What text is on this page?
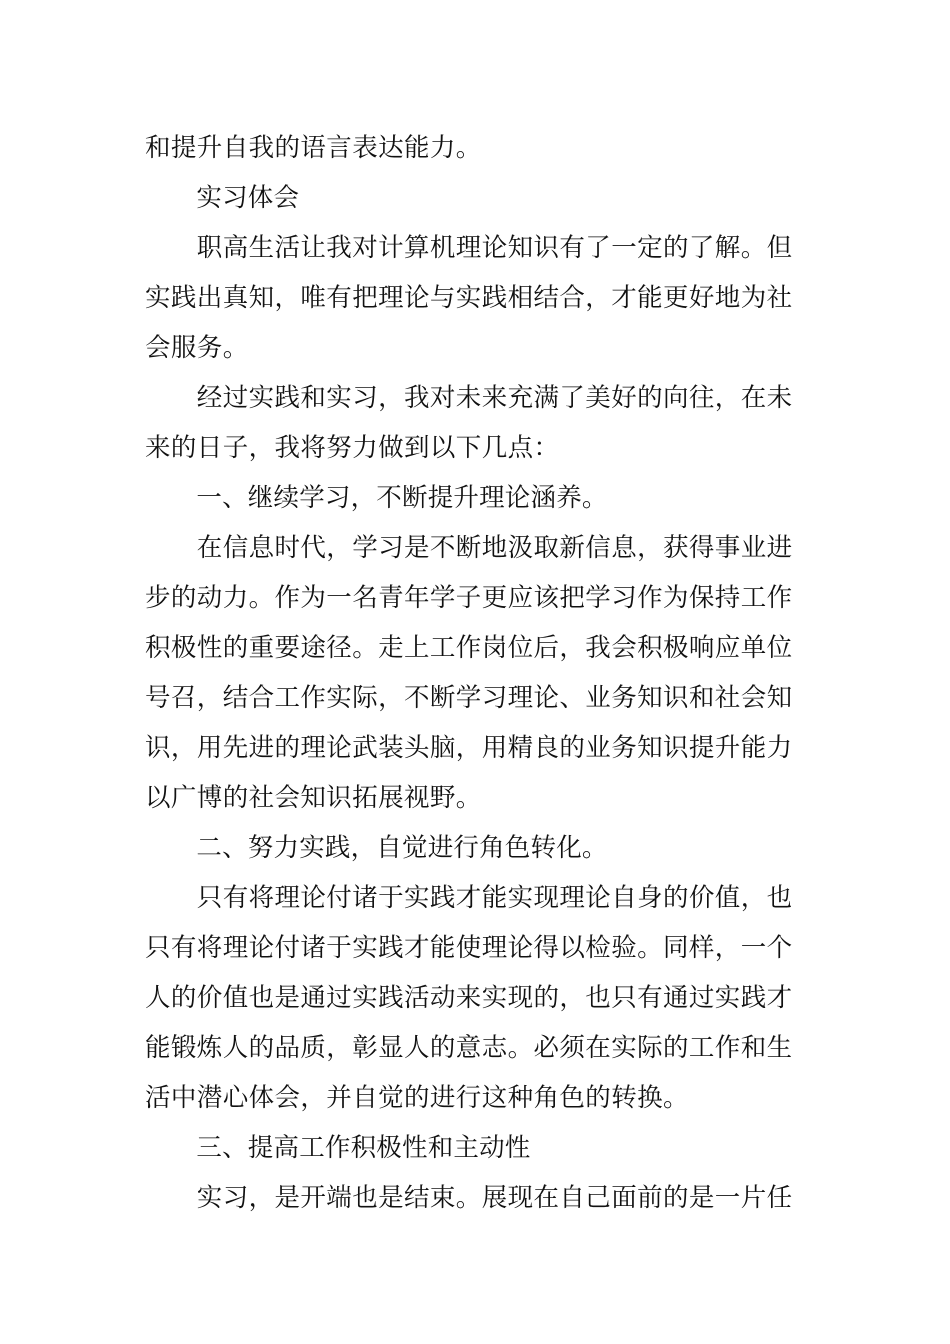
和提升自我的语言表达能力。
　　实习体会
　　职高生活让我对计算机理论知识有了一定的了解。但
实践出真知，唯有把理论与实践相结合，才能更好地为社
会服务。
　　经过实践和实习，我对未来充满了美好的向往，在未
来的日子，我将努力做到以下几点：
　　一、继续学习，不断提升理论涵养。
　　在信息时代，学习是不断地汲取新信息，获得事业进
步的动力。作为一名青年学子更应该把学习作为保持工作
积极性的重要途径。走上工作岗位后，我会积极响应单位
号召，结合工作实际，不断学习理论、业务知识和社会知
识，用先进的理论武装头脑，用精良的业务知识提升能力
以广博的社会知识拓展视野。
　　二、努力实践，自觉进行角色转化。
　　只有将理论付诸于实践才能实现理论自身的价值，也
只有将理论付诸于实践才能使理论得以检验。同样，一个
人的价值也是通过实践活动来实现的，也只有通过实践才
能锻炼人的品质，彰显人的意志。必须在实际的工作和生
活中潜心体会，并自觉的进行这种角色的转换。
　　三、提高工作积极性和主动性
　　实习，是开端也是结束。展现在自己面前的是一片任
